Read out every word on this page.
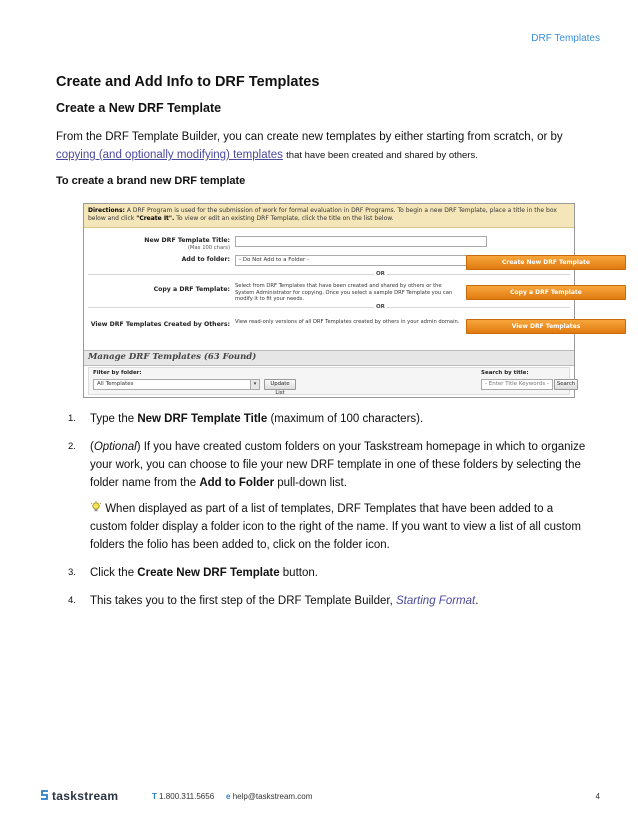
DRF Templates
Create and Add Info to DRF Templates
Create a New DRF Template
From the DRF Template Builder, you can create new templates by either starting from scratch, or by copying (and optionally modifying) templates that have been created and shared by others.
To create a brand new DRF template
Directions: A DRF Program is used for the submission of work for formal evaluation in DRF Programs. To begin a new DRF Template, place a title in the box below and click "Create It". To view or edit an existing DRF Template, click the title on the list below.
New DRF Template Title:
(Max 100 chars)
Add to folder:	- Do Not Add to a Folder -	Create New DRF Template
OR
Copy a DRF Template: Select from DRF Templates that have been created and shared by others or the System Administrator for copying. Once you select a sample DRF Template you can modify it to fit your needs.
Copy a DRF Template
OR
View DRF Templates Created by Others: View read-only versions of all DRF Templates created by others in your admin domain.
View DRF Templates
Manage DRF Templates (63 Found)
Filter by folder:
All Templates	▾	Update List
Search by title:
- Enter Title Keywords -	Search
1. Type the New DRF Template Title (maximum of 100 characters).
2. (Optional) If you have created custom folders on your Taskstream homepage in which to organize your work, you can choose to file your new DRF template in one of these folders by selecting the folder name from the Add to Folder pull-down list.
When displayed as part of a list of templates, DRF Templates that have been added to a custom folder display a folder icon to the right of the name. If you want to view a list of all custom folders the folio has been added to, click on the folder icon.
3. Click the Create New DRF Template button.
4. This takes you to the first step of the DRF Template Builder, Starting Format.
taskstream	T 1.800.311.5656 e help@taskstream.com	4
